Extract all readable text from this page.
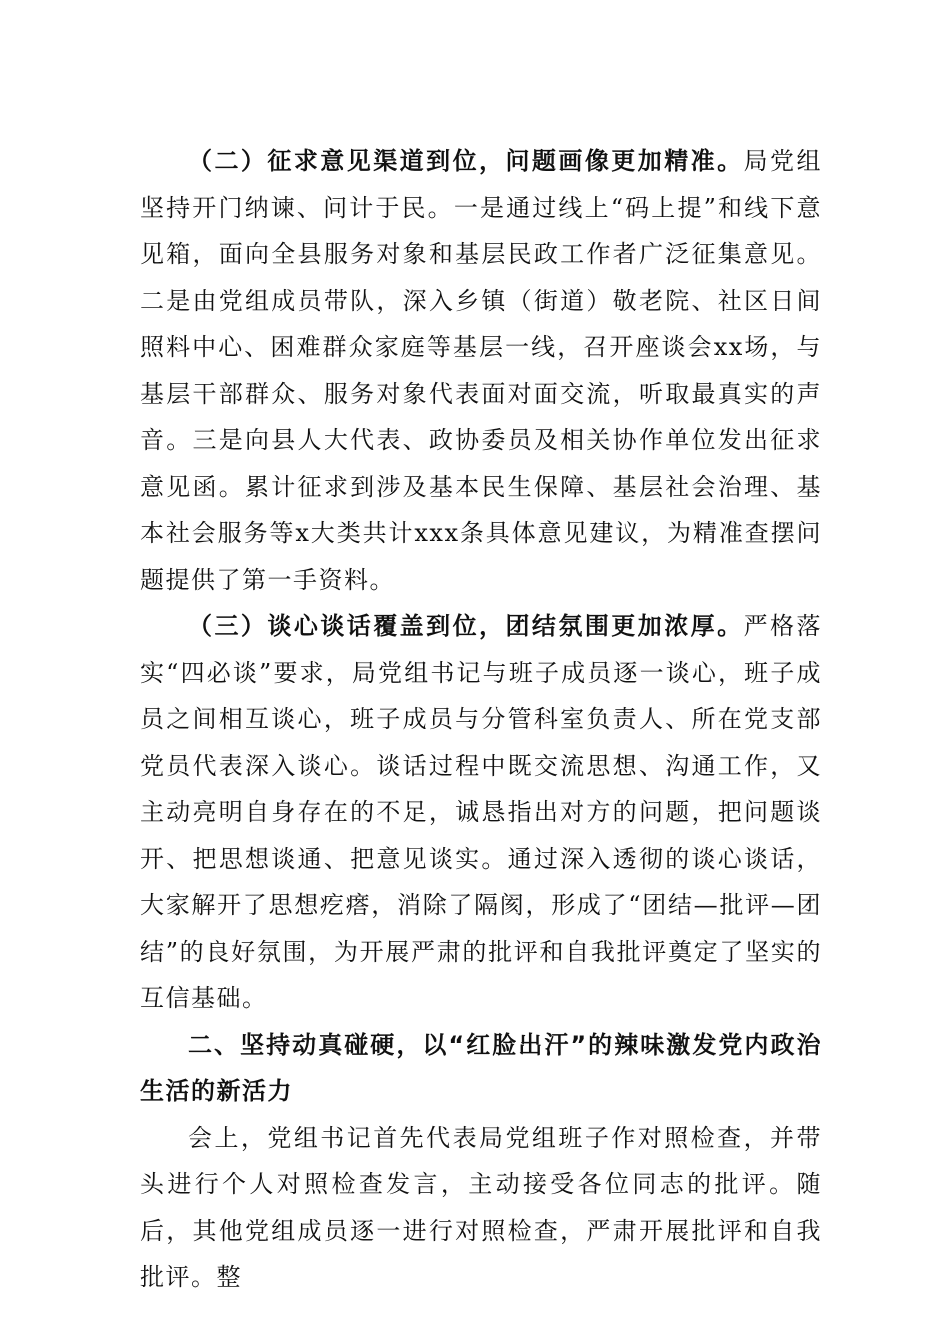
（二）征求意见渠道到位，问题画像更加精准。局党组坚持开门纳谏、问计于民。一是通过线上“码上提”和线下意见箱，面向全县服务对象和基层民政工作者广泛征集意见。二是由党组成员带队，深入乡镇（街道）敬老院、社区日间照料中心、困难群众家庭等基层一线，召开座谈会xx场，与基层干部群众、服务对象代表面对面交流，听取最真实的声音。三是向县人大代表、政协委员及相关协作单位发出征求意见函。累计征求到涉及基本民生保障、基层社会治理、基本社会服务等x大类共计xxx条具体意见建议，为精准查摆问题提供了第一手资料。

（三）谈心谈话覆盖到位，团结氛围更加浓厚。严格落实“四必谈”要求，局党组书记与班子成员逐一谈心，班子成员之间相互谈心，班子成员与分管科室负责人、所在党支部党员代表深入谈心。谈话过程中既交流思想、沟通工作，又主动亮明自身存在的不足，诚恳指出对方的问题，把问题谈开、把思想谈通、把意见谈实。通过深入透彻的谈心谈话，大家解开了思想疙瘩，消除了隔阂，形成了“团结—批评—团结”的良好氛围，为开展严肃的批评和自我批评奠定了坚实的互信基础。

二、坚持动真碰硬，以“红脸出汗”的辣味激发党内政治生活的新活力

会上，党组书记首先代表局党组班子作对照检查，并带头进行个人对照检查发言，主动接受各位同志的批评。随后，其他党组成员逐一进行对照检查，严肃开展批评和自我批评。整
